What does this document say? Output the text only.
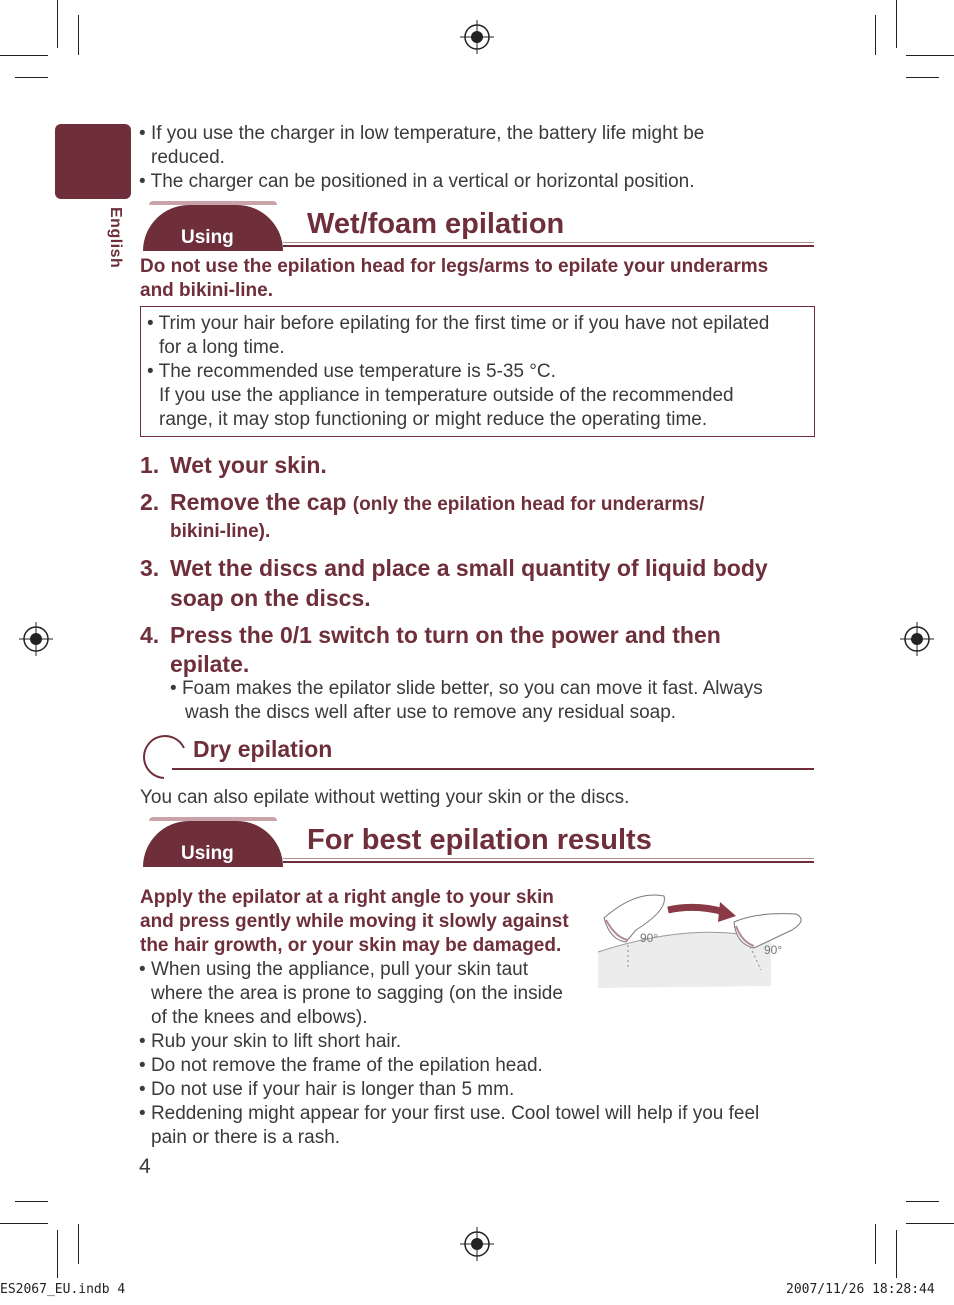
English
• If you use the charger in low temperature, the battery life might be
reduced.
• The charger can be positioned in a vertical or horizontal position.
Using	Wet/foam epilation
Do not use the epilation head for legs/arms to epilate your underarms
and bikini-line.
• Trim your hair before epilating for the first time or if you have not epilated
for a long time.
• The recommended use temperature is 5-35 °C.
If you use the appliance in temperature outside of the recommended
range, it may stop functioning or might reduce the operating time.
1. Wet your skin.
2. Remove the cap (only the epilation head for underarms/
bikini-line).
3. Wet the discs and place a small quantity of liquid body
soap on the discs.
4. Press the 0/1 switch to turn on the power and then
epilate.
• Foam makes the epilator slide better, so you can move it fast. Always
wash the discs well after use to remove any residual soap.
Dry epilation
You can also epilate without wetting your skin or the discs.
Using	For best epilation results
Apply the epilator at a right angle to your skin
and press gently while moving it slowly against
the hair growth, or your skin may be damaged.	90°
90°
• When using the appliance, pull your skin taut
where the area is prone to sagging (on the inside
of the knees and elbows).
• Rub your skin to lift short hair.
• Do not remove the frame of the epilation head.
• Do not use if your hair is longer than 5 mm.
• Reddening might appear for your first use. Cool towel will help if you feel
pain or there is a rash.
4
ES2067_EU.indb 4	2007/11/26 18:28:44
